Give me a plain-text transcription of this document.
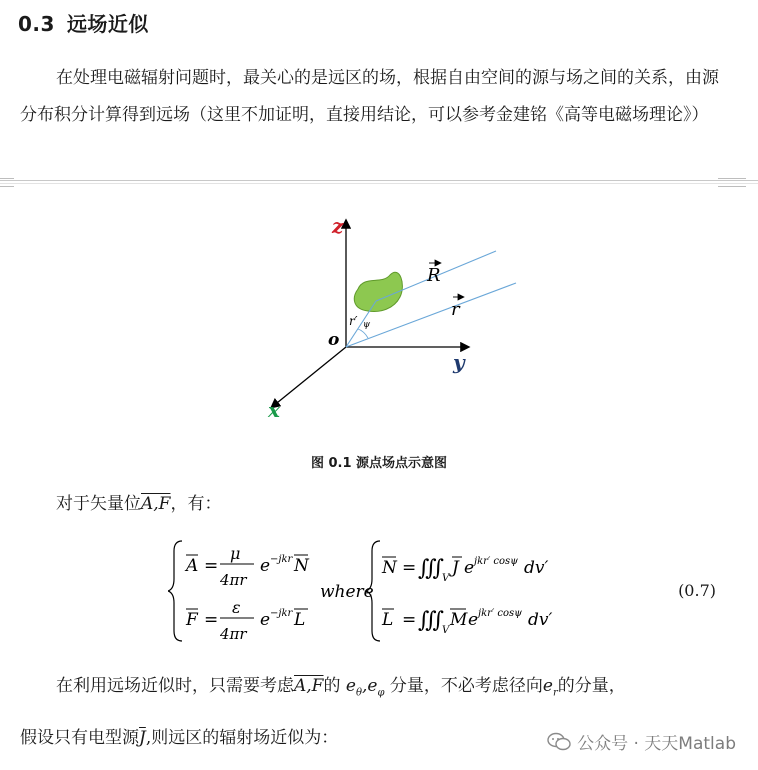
0.3 远场近似
在处理电磁辐射问题时，最关心的是远区的场，根据自由空间的源与场之间的关系，由源分布积分计算得到远场（这里不加证明，直接用结论，可以参考金建铭《高等电磁场理论》）
z
y
x
o
R
r
r′ ψ
图 0.1 源点场点示意图
对于矢量位A,F，有：
A =
μ
4πr
e −jkr N
F =
ε
4πr
e −jkr L
where
N = ∭
V
J e jkr′ cosψ dv′
L = ∭
V
M e jkr′ cosψ dv′
(0.7)
在利用远场近似时，只需要考虑A,F的 $e_\theta,e_\varphi$ 分量，不必考虑径向$e_r$的分量，
假设只有电型源$\overline{J}$,则远区的辐射场近似为：	公众号 · 天天Matlab
